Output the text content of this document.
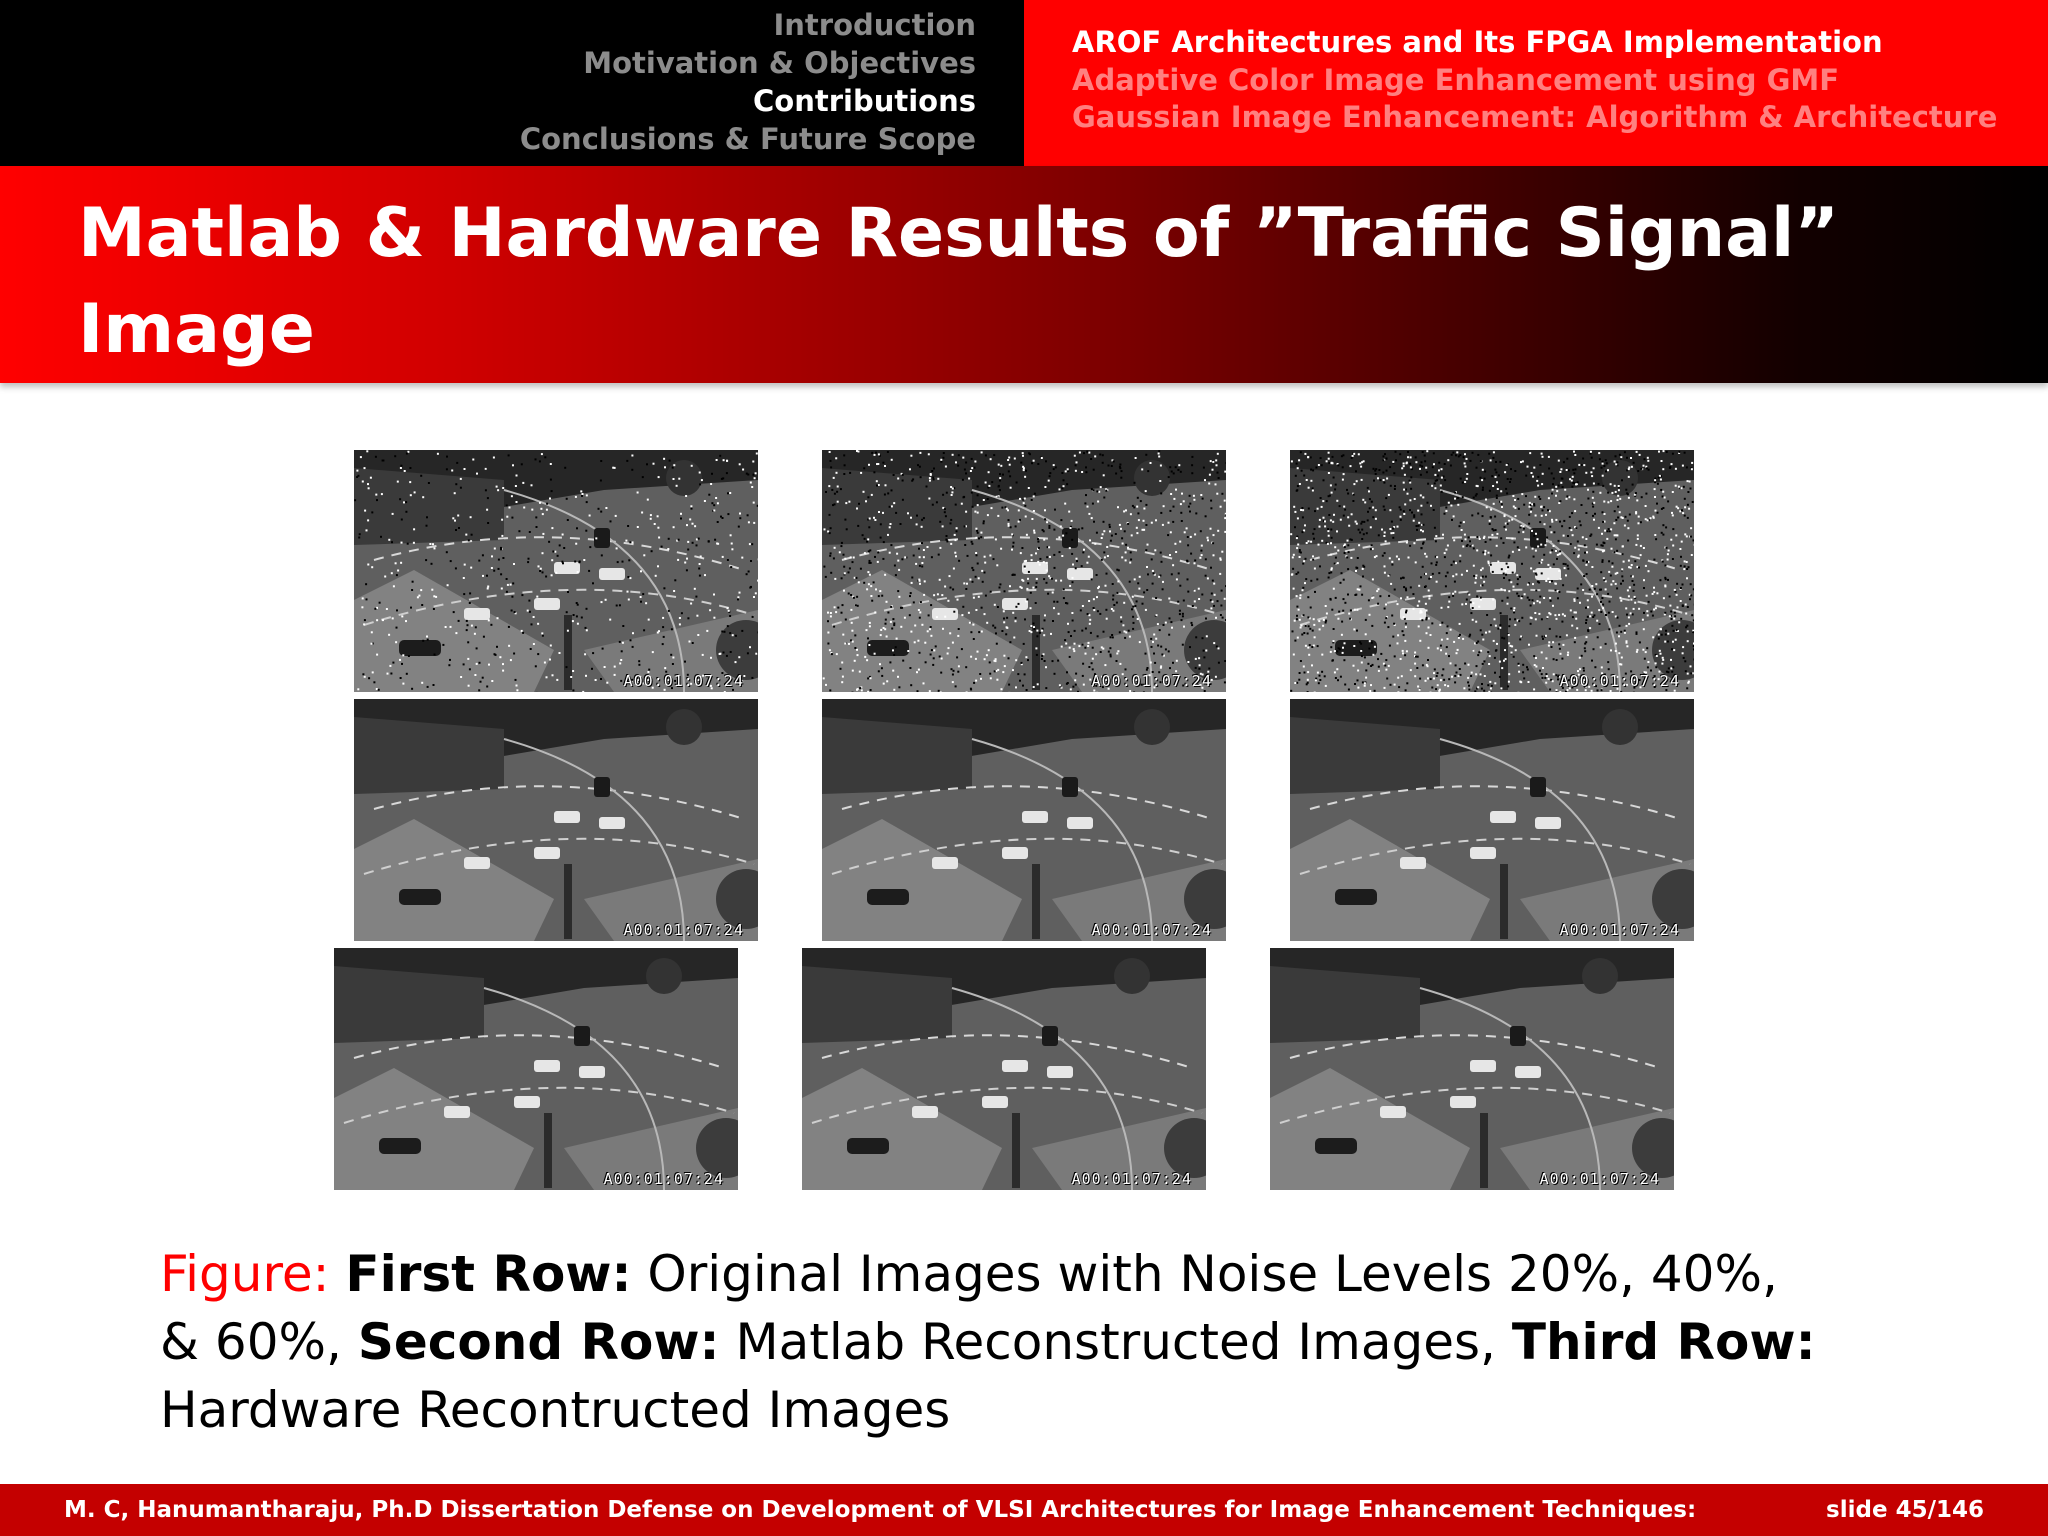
Introduction
Motivation & Objectives
Contributions
Conclusions & Future Scope
AROF Architectures and Its FPGA Implementation
Adaptive Color Image Enhancement using GMF
Gaussian Image Enhancement: Algorithm & Architecture
Matlab & Hardware Results of ”Traffic Signal”
Image
A00:01:07:24	A00:01:07:24	A00:01:07:24
A00:01:07:24	A00:01:07:24	A00:01:07:24
A00:01:07:24	A00:01:07:24	A00:01:07:24
Figure: First Row: Original Images with Noise Levels 20%, 40%, & 60%, Second Row: Matlab Reconstructed Images, Third Row: Hardware Recontructed Images
M. C, Hanumantharaju, Ph.D Dissertation Defense on Development of VLSI Architectures for Image Enhancement Techniques:	slide 45/146
